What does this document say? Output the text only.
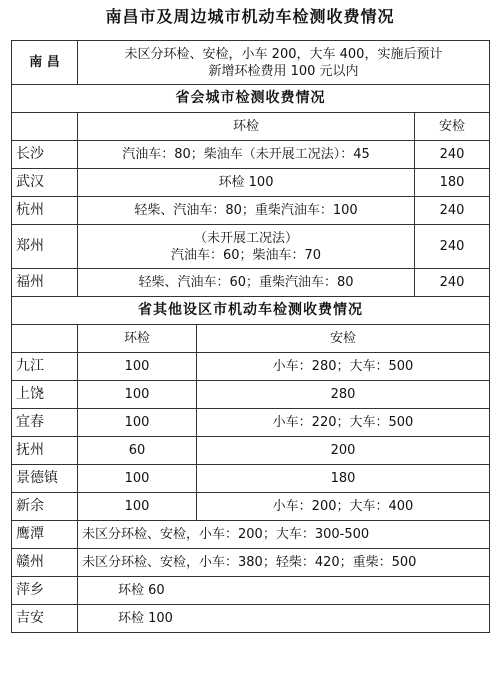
南昌市及周边城市机动车检测收费情况
南 昌	未区分环检、安检，小车 200，大车 400，实施后预计
新增环检费用 100 元以内		

省会城市检测收费情况			
	环检		安检
长沙	汽油车：80；柴油车（未开展工况法）：45		240
武汉	环检 100		180
杭州	轻柴、汽油车：80；重柴汽油车：100		240
郑州	（未开展工况法）
汽油车：60；柴油车：70		240
福州	轻柴、汽油车：60；重柴汽油车：80		240
省其他设区市机动车检测收费情况			
	环检	安检	
九江	100	小车：280；大车：500	
上饶	100	280	
宜春	100	小车：220；大车：500	
抚州	60	200	
景德镇	100	180	
新余	100	小车：200；大车：400	
鹰潭	未区分环检、安检，小车：200；大车：300-500		
赣州	未区分环检、安检，小车：380；轻柴：420；重柴：500		
萍乡	环检 60		
吉安	环检 100		
